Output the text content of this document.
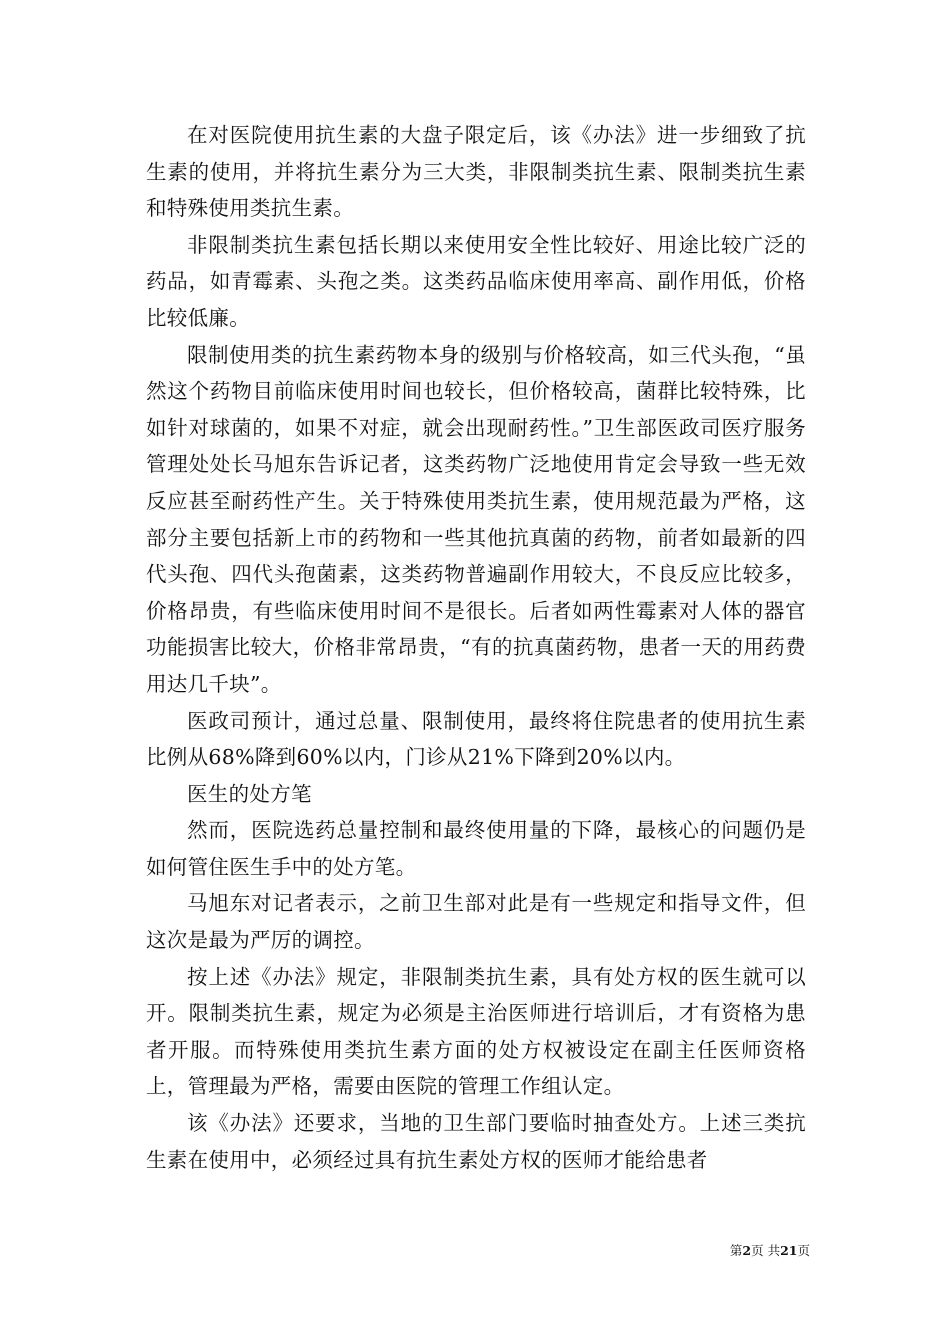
在对医院使用抗生素的大盘子限定后，该《办法》进一步细致了抗生素的使用，并将抗生素分为三大类，非限制类抗生素、限制类抗生素和特殊使用类抗生素。

非限制类抗生素包括长期以来使用安全性比较好、用途比较广泛的药品，如青霉素、头孢之类。这类药品临床使用率高、副作用低，价格比较低廉。

限制使用类的抗生素药物本身的级别与价格较高，如三代头孢，“虽然这个药物目前临床使用时间也较长，但价格较高，菌群比较特殊，比如针对球菌的，如果不对症，就会出现耐药性。”卫生部医政司医疗服务管理处处长马旭东告诉记者，这类药物广泛地使用肯定会导致一些无效反应甚至耐药性产生。关于特殊使用类抗生素，使用规范最为严格，这部分主要包括新上市的药物和一些其他抗真菌的药物，前者如最新的四代头孢、四代头孢菌素，这类药物普遍副作用较大，不良反应比较多，价格昂贵，有些临床使用时间不是很长。后者如两性霉素对人体的器官功能损害比较大，价格非常昂贵，“有的抗真菌药物，患者一天的用药费用达几千块”。

医政司预计，通过总量、限制使用，最终将住院患者的使用抗生素比例从68%降到60%以内，门诊从21%下降到20%以内。

医生的处方笔

然而，医院选药总量控制和最终使用量的下降，最核心的问题仍是如何管住医生手中的处方笔。

马旭东对记者表示，之前卫生部对此是有一些规定和指导文件，但这次是最为严厉的调控。

按上述《办法》规定，非限制类抗生素，具有处方权的医生就可以开。限制类抗生素，规定为必须是主治医师进行培训后，才有资格为患者开服。而特殊使用类抗生素方面的处方权被设定在副主任医师资格上，管理最为严格，需要由医院的管理工作组认定。

该《办法》还要求，当地的卫生部门要临时抽查处方。上述三类抗生素在使用中，必须经过具有抗生素处方权的医师才能给患者

第2页 共21页
